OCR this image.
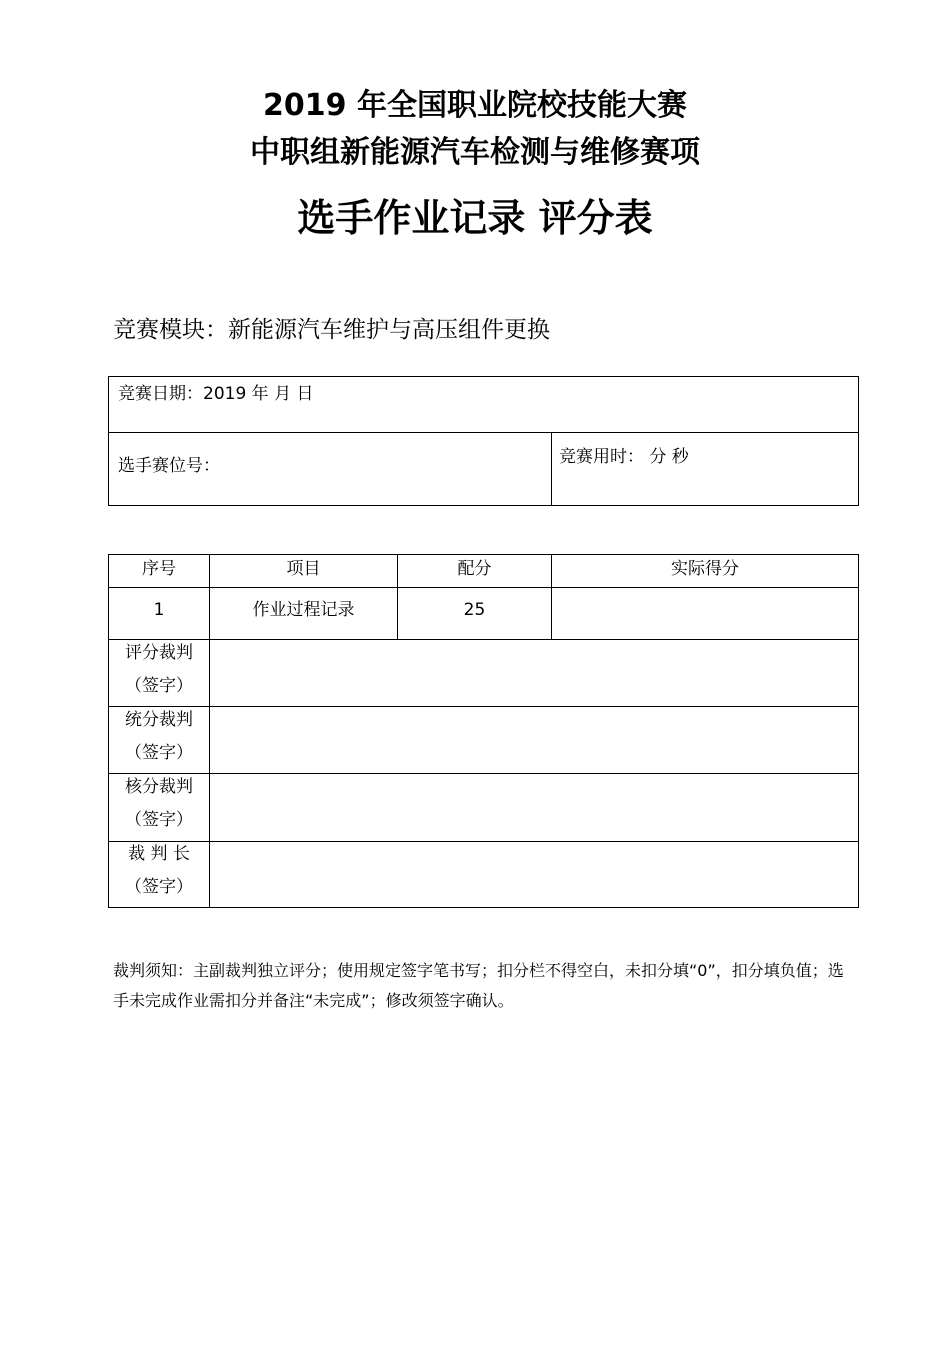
2019 年全国职业院校技能大赛
中职组新能源汽车检测与维修赛项
选手作业记录 评分表
竞赛模块：新能源汽车维护与高压组件更换
竞赛日期：2019 年 月 日
选手赛位号：	竞赛用时： 分 秒
序号	项目	配分	实际得分
1	作业过程记录	25
评分裁判
（签字）
统分裁判
（签字）
核分裁判
（签字）
裁 判 长
（签字）
裁判须知：主副裁判独立评分；使用规定签字笔书写；扣分栏不得空白，未扣分填“0”，扣分填负值；选手未完成作业需扣分并备注“未完成”；修改须签字确认。
